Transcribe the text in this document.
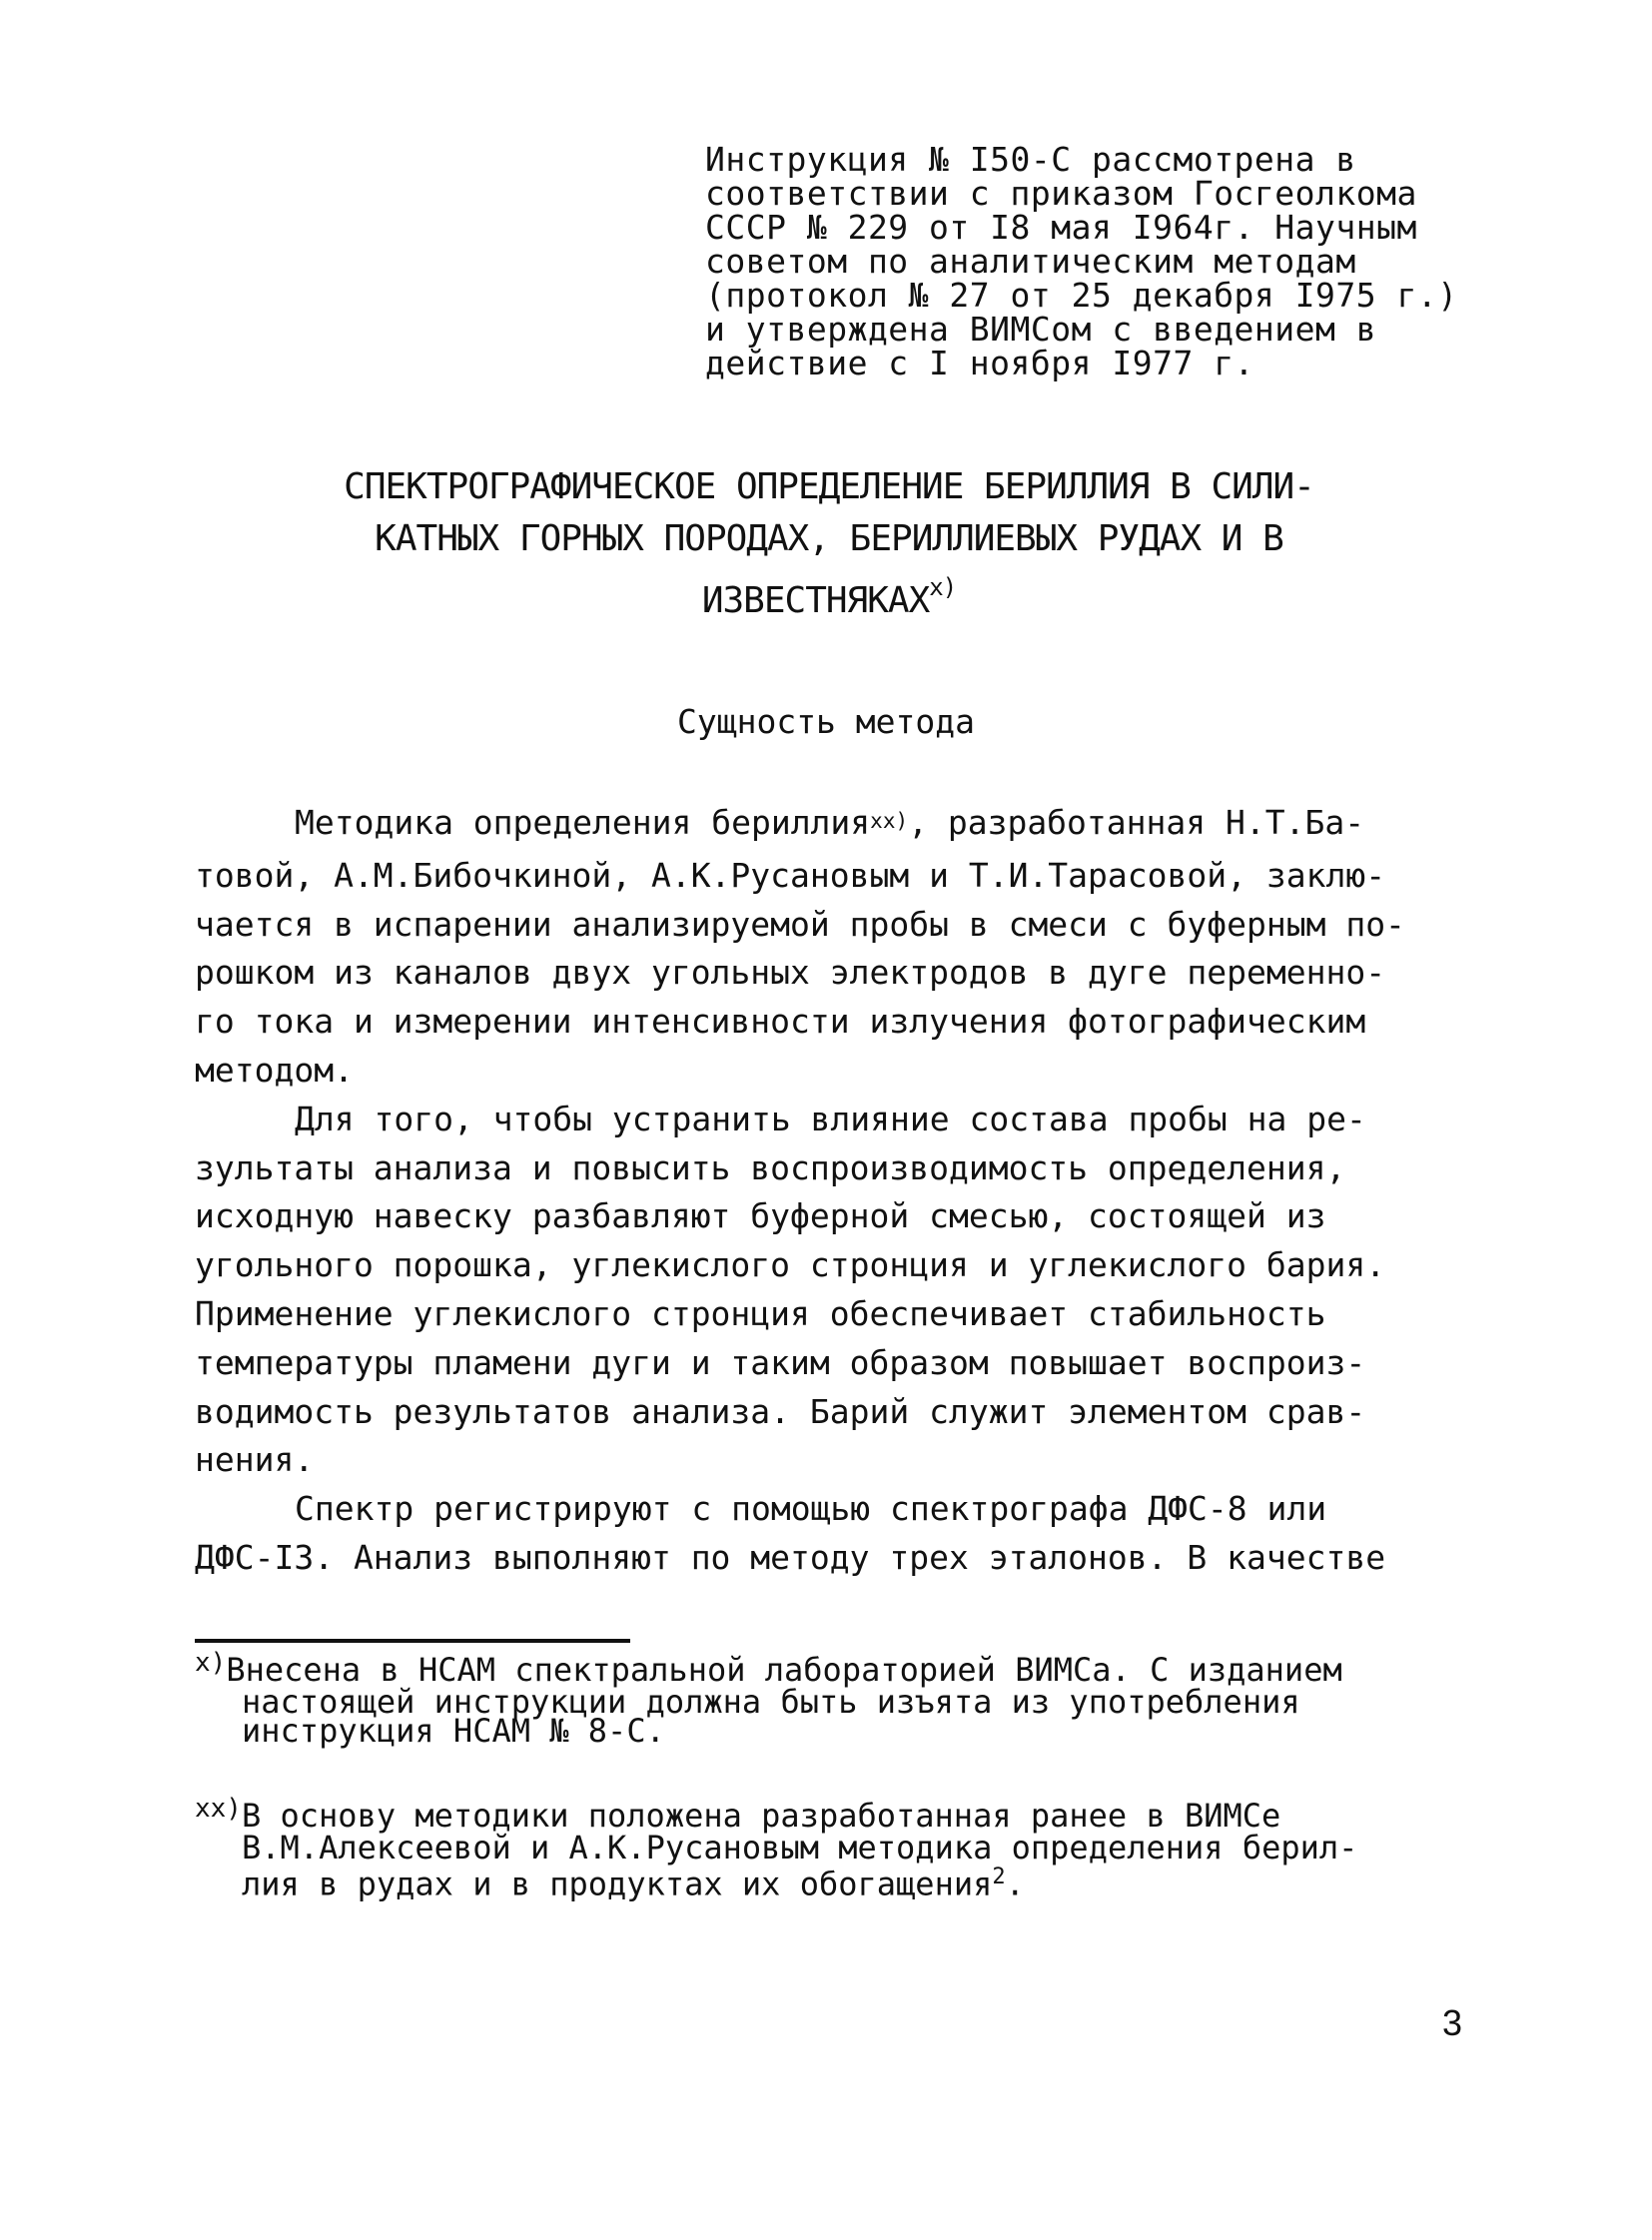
Инструкция № I50-С рассмотрена в
соответствии с приказом Госгеолкома
СССР № 229 от I8 мая I964г. Научным
советом по аналитическим методам
(протокол № 27 от 25 декабря I975 г.)
и утверждена ВИМСом с введением в
действие с I ноября I977 г.
СПЕКТРОГРАФИЧЕСКОЕ ОПРЕДЕЛЕНИЕ БЕРИЛЛИЯ В СИЛИ-
КАТНЫХ ГОРНЫХ ПОРОДАХ, БЕРИЛЛИЕВЫХ РУДАХ И В
ИЗВЕСТНЯКАХ$^{x)}$
Сущность метода
Методика определения бериллия$^{xx)}$, разработанная Н.Т.Ба-
товой, А.М.Бибочкиной, А.К.Русановым и Т.И.Тарасовой, заклю-
чается в испарении анализируемой пробы в смеси с буферным по-
рошком из каналов двух угольных электродов в дуге переменно-
го тока и измерении интенсивности излучения фотографическим
методом.
Для того, чтобы устранить влияние состава пробы на ре-
зультаты анализа и повысить воспроизводимость определения,
исходную навеску разбавляют буферной смесью, состоящей из
угольного порошка, углекислого стронция и углекислого бария.
Применение углекислого стронция обеспечивает стабильность
температуры пламени дуги и таким образом повышает воспроиз-
водимость результатов анализа. Барий служит элементом срав-
нения.
Спектр регистрируют с помощью спектрографа ДФС-8 или
ДФС-I3. Анализ выполняют по методу трех эталонов. В качестве
$^{x)}$Внесена в НСАМ спектральной лабораторией ВИМСа. С изданием
настоящей инструкции должна быть изъята из употребления
инструкция НСАМ № 8-С.
$^{xx)}$В основу методики положена разработанная ранее в ВИМСе
В.М.Алексеевой и А.К.Русановым методика определения берил-
лия в рудах и в продуктах их обогащения$^2$.
3
